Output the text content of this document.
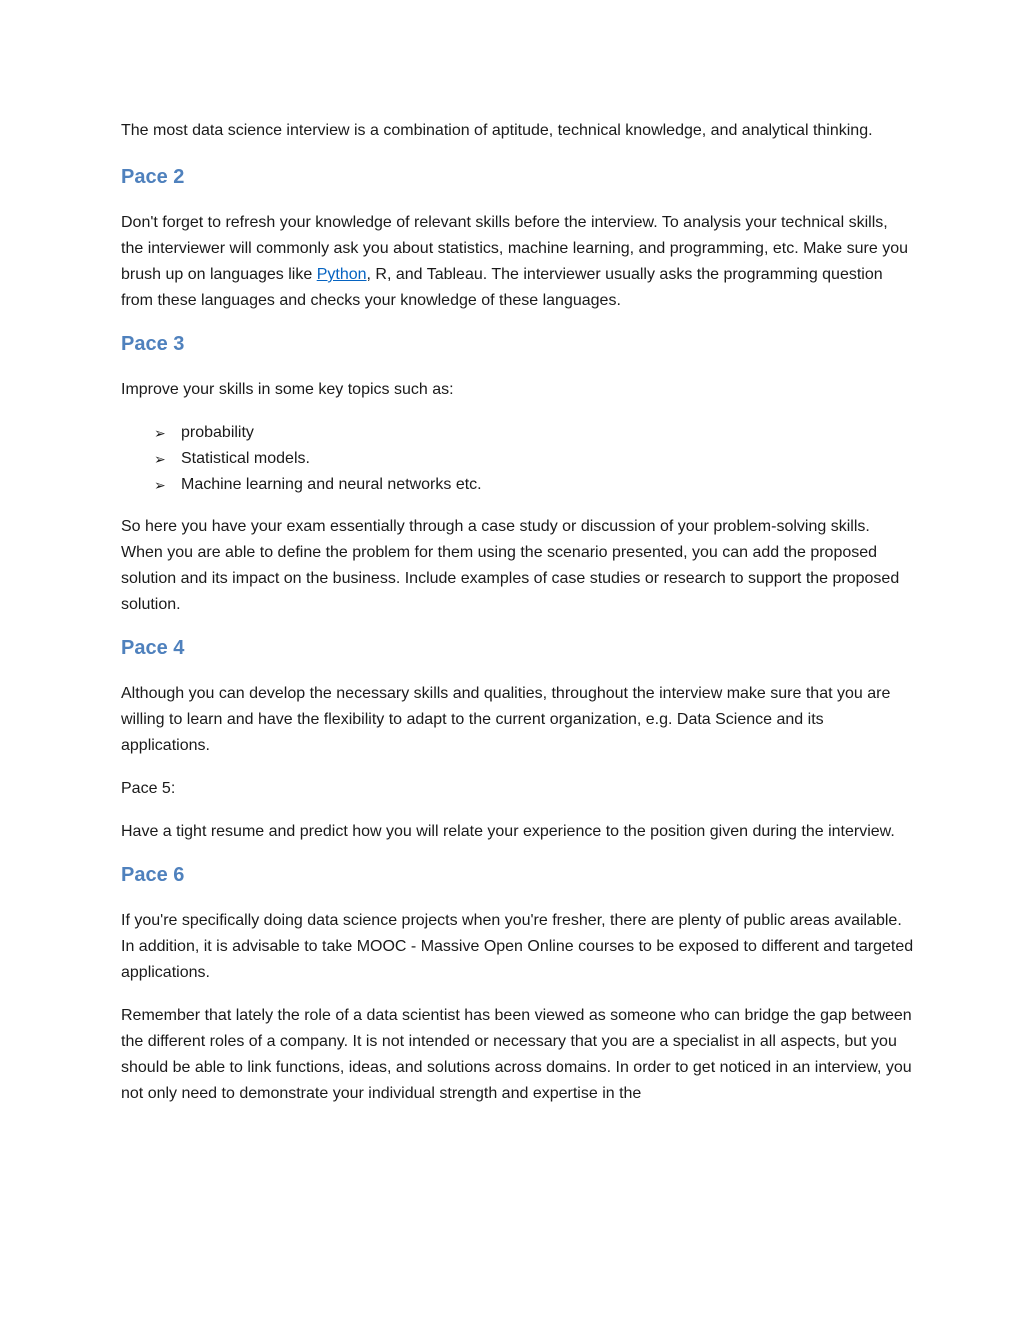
The most data science interview is a combination of aptitude, technical knowledge, and analytical thinking.

Pace 2

Don't forget to refresh your knowledge of relevant skills before the interview. To analysis your technical skills, the interviewer will commonly ask you about statistics, machine learning, and programming, etc. Make sure you brush up on languages like Python, R, and Tableau. The interviewer usually asks the programming question from these languages and checks your knowledge of these languages.

Pace 3

Improve your skills in some key topics such as:

➢ probability
➢ Statistical models.
➢ Machine learning and neural networks etc.

So here you have your exam essentially through a case study or discussion of your problem-solving skills. When you are able to define the problem for them using the scenario presented, you can add the proposed solution and its impact on the business. Include examples of case studies or research to support the proposed solution.

Pace 4

Although you can develop the necessary skills and qualities, throughout the interview make sure that you are willing to learn and have the flexibility to adapt to the current organization, e.g. Data Science and its applications.

Pace 5:

Have a tight resume and predict how you will relate your experience to the position given during the interview.

Pace 6

If you're specifically doing data science projects when you're fresher, there are plenty of public areas available. In addition, it is advisable to take MOOC - Massive Open Online courses to be exposed to different and targeted applications.

Remember that lately the role of a data scientist has been viewed as someone who can bridge the gap between the different roles of a company. It is not intended or necessary that you are a specialist in all aspects, but you should be able to link functions, ideas, and solutions across domains. In order to get noticed in an interview, you not only need to demonstrate your individual strength and expertise in the
